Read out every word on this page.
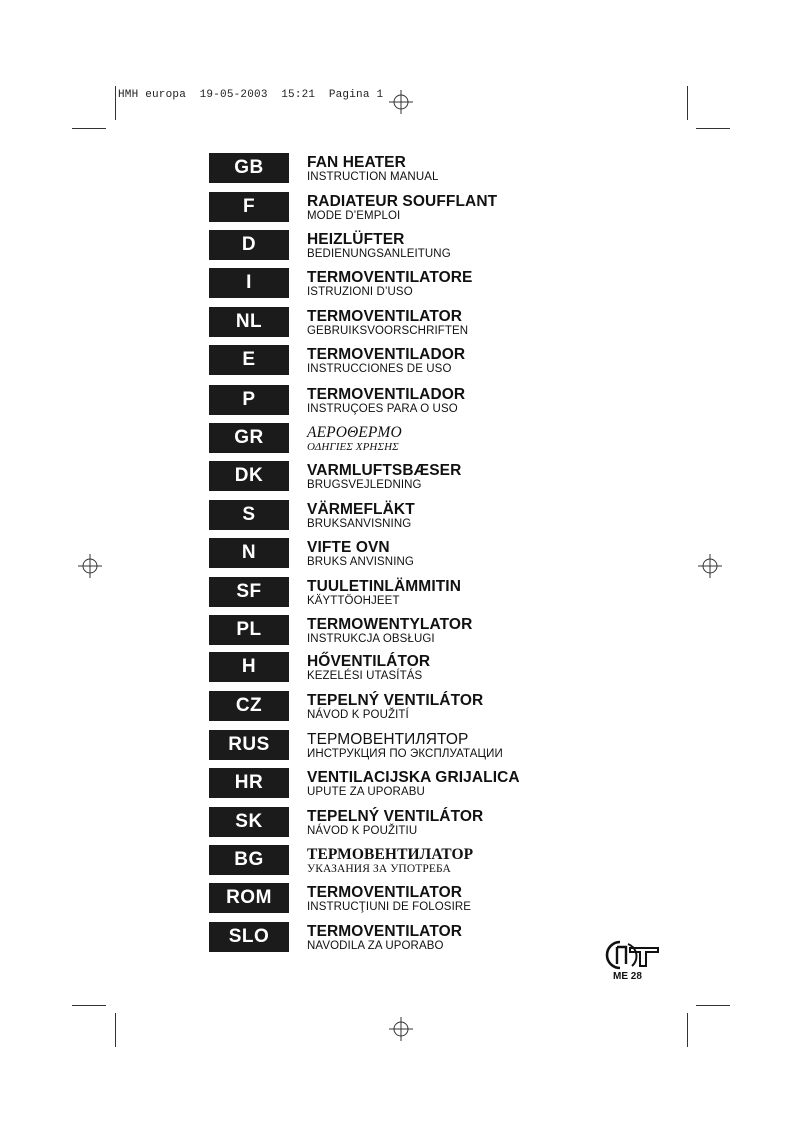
HMH europa  19-05-2003  15:21  Pagina 1
GB	FAN HEATER
INSTRUCTION MANUAL
F	RADIATEUR SOUFFLANT
MODE D’EMPLOI
D	HEIZLÜFTER
BEDIENUNGSANLEITUNG
I	TERMOVENTILATORE
ISTRUZIONI D’USO
NL	TERMOVENTILATOR
GEBRUIKSVOORSCHRIFTEN
E	TERMOVENTILADOR
INSTRUCCIONES DE USO
P	TERMOVENTILADOR
INSTRUÇOES PARA O USO
GR	ΑΕΡΟΘΕΡΜΟ
ΟΔΗΓΙΕΣ ΧΡΗΣΗΣ
DK	VARMLUFTSBÆSER
BRUGSVEJLEDNING
S	VÄRMEFLÄKT
BRUKSANVISNING
N	VIFTE OVN
BRUKS ANVISNING
SF	TUULETINLÄMMITIN
KÄYTTÖOHJEET
PL	TERMOWENTYLATOR
INSTRUKCJA OBSŁUGI
H	HŐVENTILÁTOR
KEZELÉSI UTASÍTÁS
CZ	TEPELNÝ VENTILÁTOR
NÁVOD K POUŽITÍ
RUS	ТЕРМОВЕНТИЛЯТОР
ИНСТРУКЦИЯ ПО ЭКСПЛУАТАЦИИ
HR	VENTILACIJSKA GRIJALICA
UPUTE ZA UPORABU
SK	TEPELNÝ VENTILÁTOR
NÁVOD K POUŽITIU
BG	ТЕРМОВЕНТИЛАТОР
УКАЗАНИЯ ЗА УПОТРЕБА
ROM	TERMOVENTILATOR
INSTRUCŢIUNI DE FOLOSIRE
SLO	TERMOVENTILATOR
NAVODILA ZA UPORABO
ME 28
